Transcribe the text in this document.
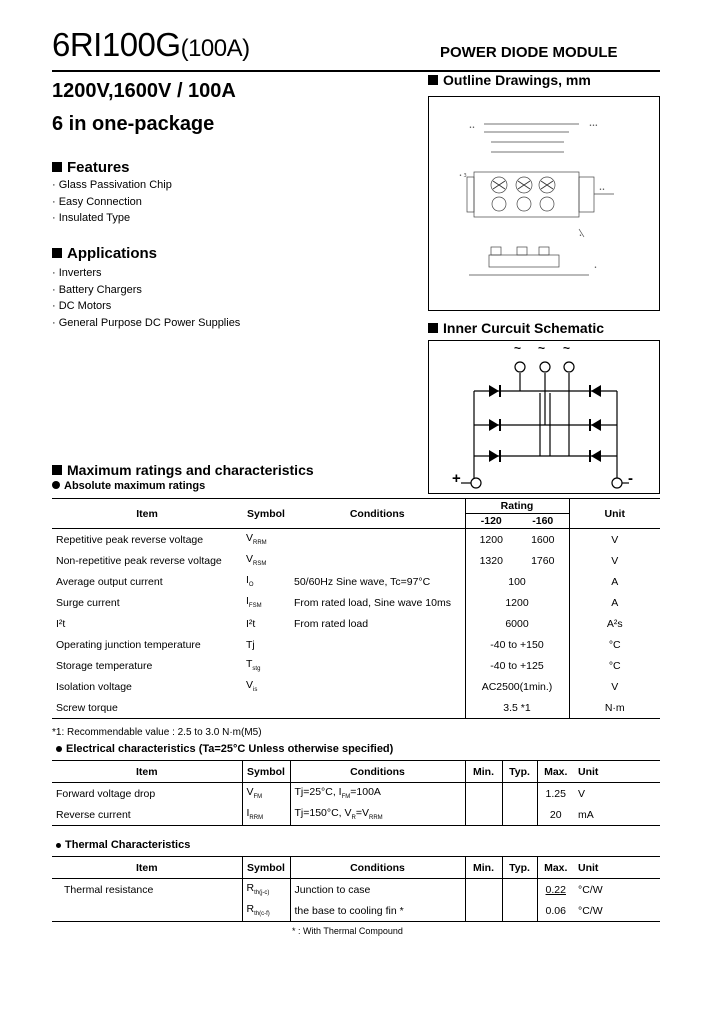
6RI100G(100A)	POWER DIODE MODULE
1200V,1600V / 100A
6 in one-package
Features
· Glass Passivation Chip
· Easy Connection
· Insulated Type
Applications
· Inverters
· Battery Chargers
· DC Motors
· General Purpose DC Power Supplies
Outline Drawings, mm
••	•••
• 3
••
•
•
Inner Curcuit Schematic
~ ~ ~
+	-
Maximum ratings and characteristics
Absolute maximum ratings
Item	Symbol	Conditions	Rating		Unit
			-120	-160	
Repetitive peak reverse voltage	$V_{RRM}$		1200	1600	V
Non-repetitive peak reverse voltage	$V_{RSM}$		1320	1760	V
Average output current	$I_O$	50/60Hz Sine wave, Tc=97°C	100		A
Surge current	$I_{FSM}$	From rated load, Sine wave 10ms	1200		A
I²t	I²t	From rated load	6000		A²s
Operating junction temperature	Tj		-40 to +150		°C
Storage temperature	$T_{stg}$		-40 to +125		°C
Isolation voltage	$V_{is}$		AC2500(1min.)		V
Screw torque			3.5 *1		N·m
*1: Recommendable value : 2.5 to 3.0 N·m(M5)
Electrical characteristics (Ta=25°C Unless otherwise specified)
Item	Symbol	Conditions	Min.	Typ.	Max.	Unit
Forward voltage drop	$V_{FM}$	Tj=25°C, $I_{FM}=100A$			1.25	V
Reverse current	$I_{RRM}$	Tj=150°C, $V_R=V_{RRM}$			20	mA
Thermal Characteristics
Item	Symbol	Conditions	Min.	Typ.	Max.	Unit
Thermal resistance	$R_{th(j-c)}$	Junction to case			0.22	°C/W
	$R_{th(c-f)}$	the base to cooling fin *			0.06	°C/W
* : With Thermal Compound
